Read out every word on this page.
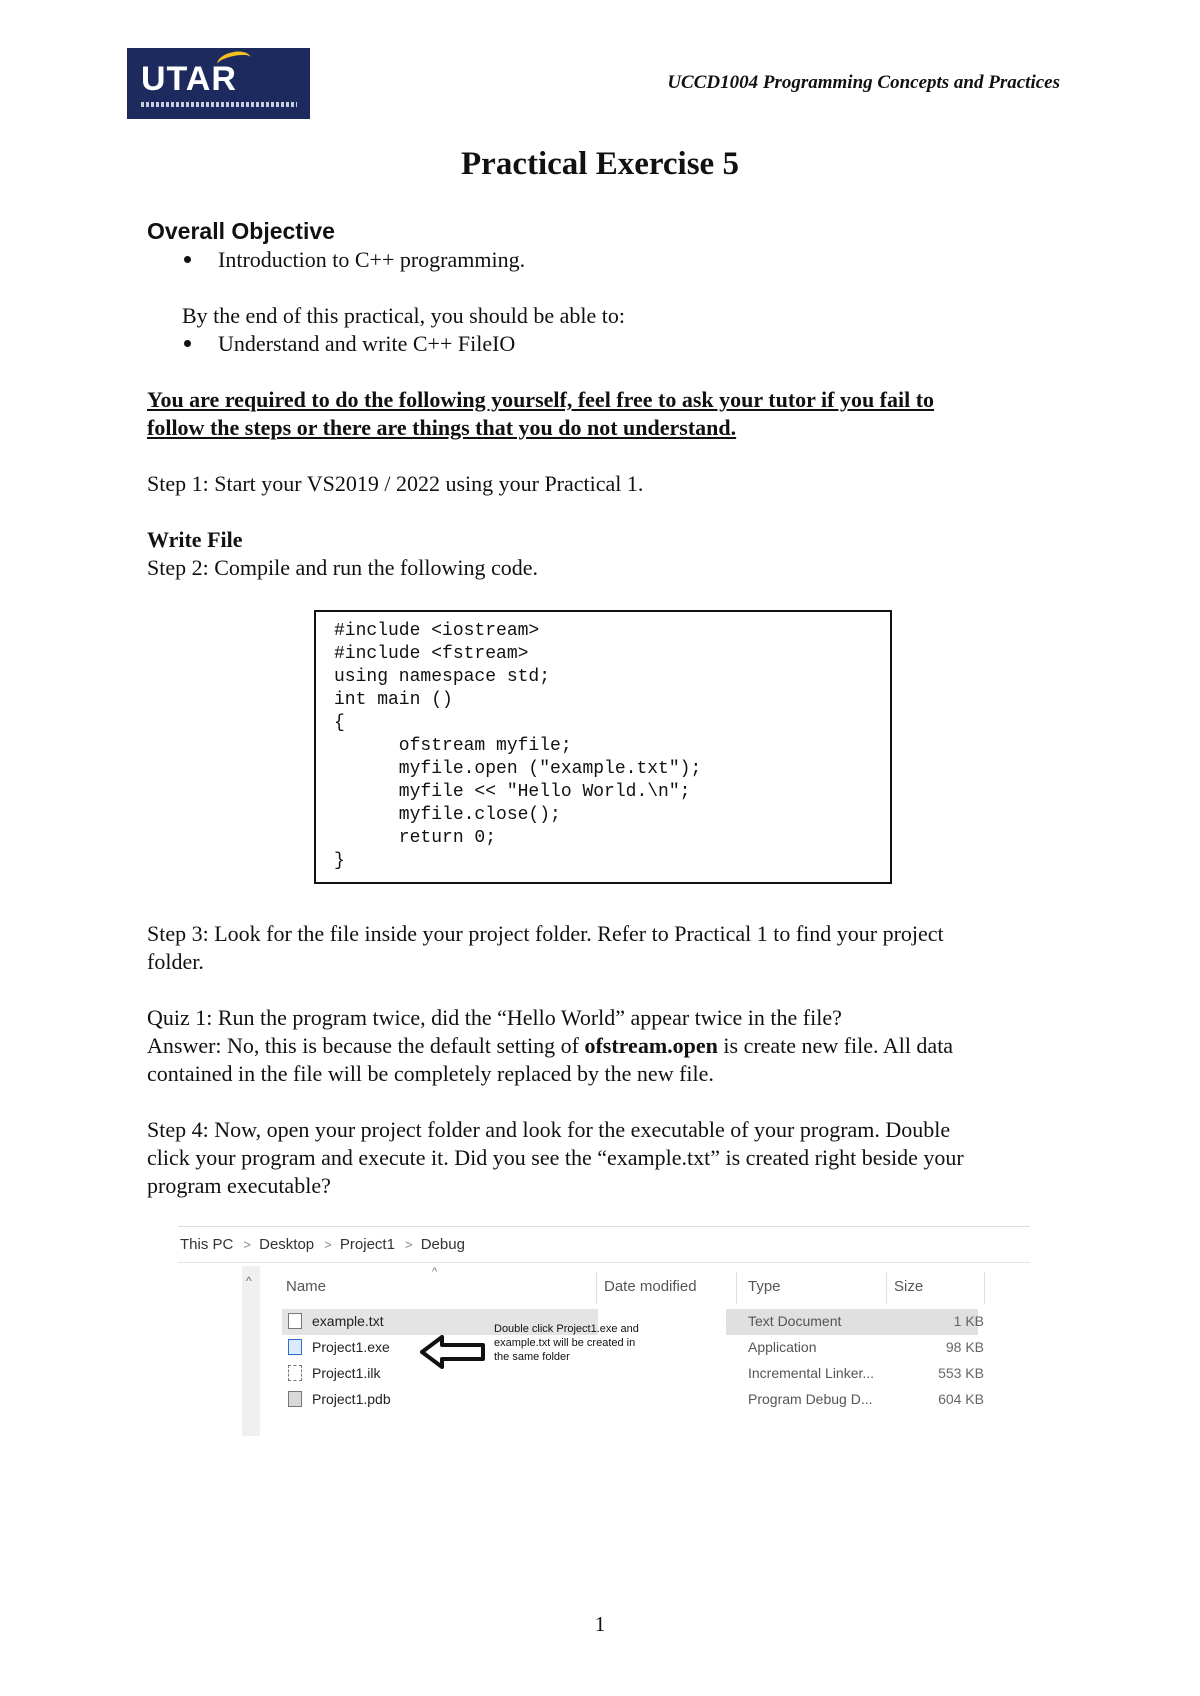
UTAR	UCCD1004 Programming Concepts and Practices
Practical Exercise 5
Overall Objective
Introduction to C++ programming.
By the end of this practical, you should be able to:
Understand and write C++ FileIO
You are required to do the following yourself, feel free to ask your tutor if you fail to
follow the steps or there are things that you do not understand.
Step 1: Start your VS2019 / 2022 using your Practical 1.
Write File
Step 2: Compile and run the following code.
#include <iostream>
#include <fstream>
using namespace std;
int main ()
{
ofstream myfile;
myfile.open ("example.txt");
myfile << "Hello World.\n";
myfile.close();
return 0;
}
Step 3: Look for the file inside your project folder. Refer to Practical 1 to find your project
folder.
Quiz 1: Run the program twice, did the “Hello World” appear twice in the file?
Answer: No, this is because the default setting of ofstream.open is create new file. All data
contained in the file will be completely replaced by the new file.
Step 4: Now, open your project folder and look for the executable of your program. Double
click your program and execute it. Did you see the “example.txt” is created right beside your
program executable?
This PC > Desktop > Project1 > Debug
^
^
Name	Date modified	Type	Size
example.txt	Text Document	1 KB
Project1.exe	Application	98 KB
Project1.ilk	Incremental Linker...	553 KB
Project1.pdb	Program Debug D...	604 KB
Double click Project1.exe and example.txt will be created in the same folder
1
